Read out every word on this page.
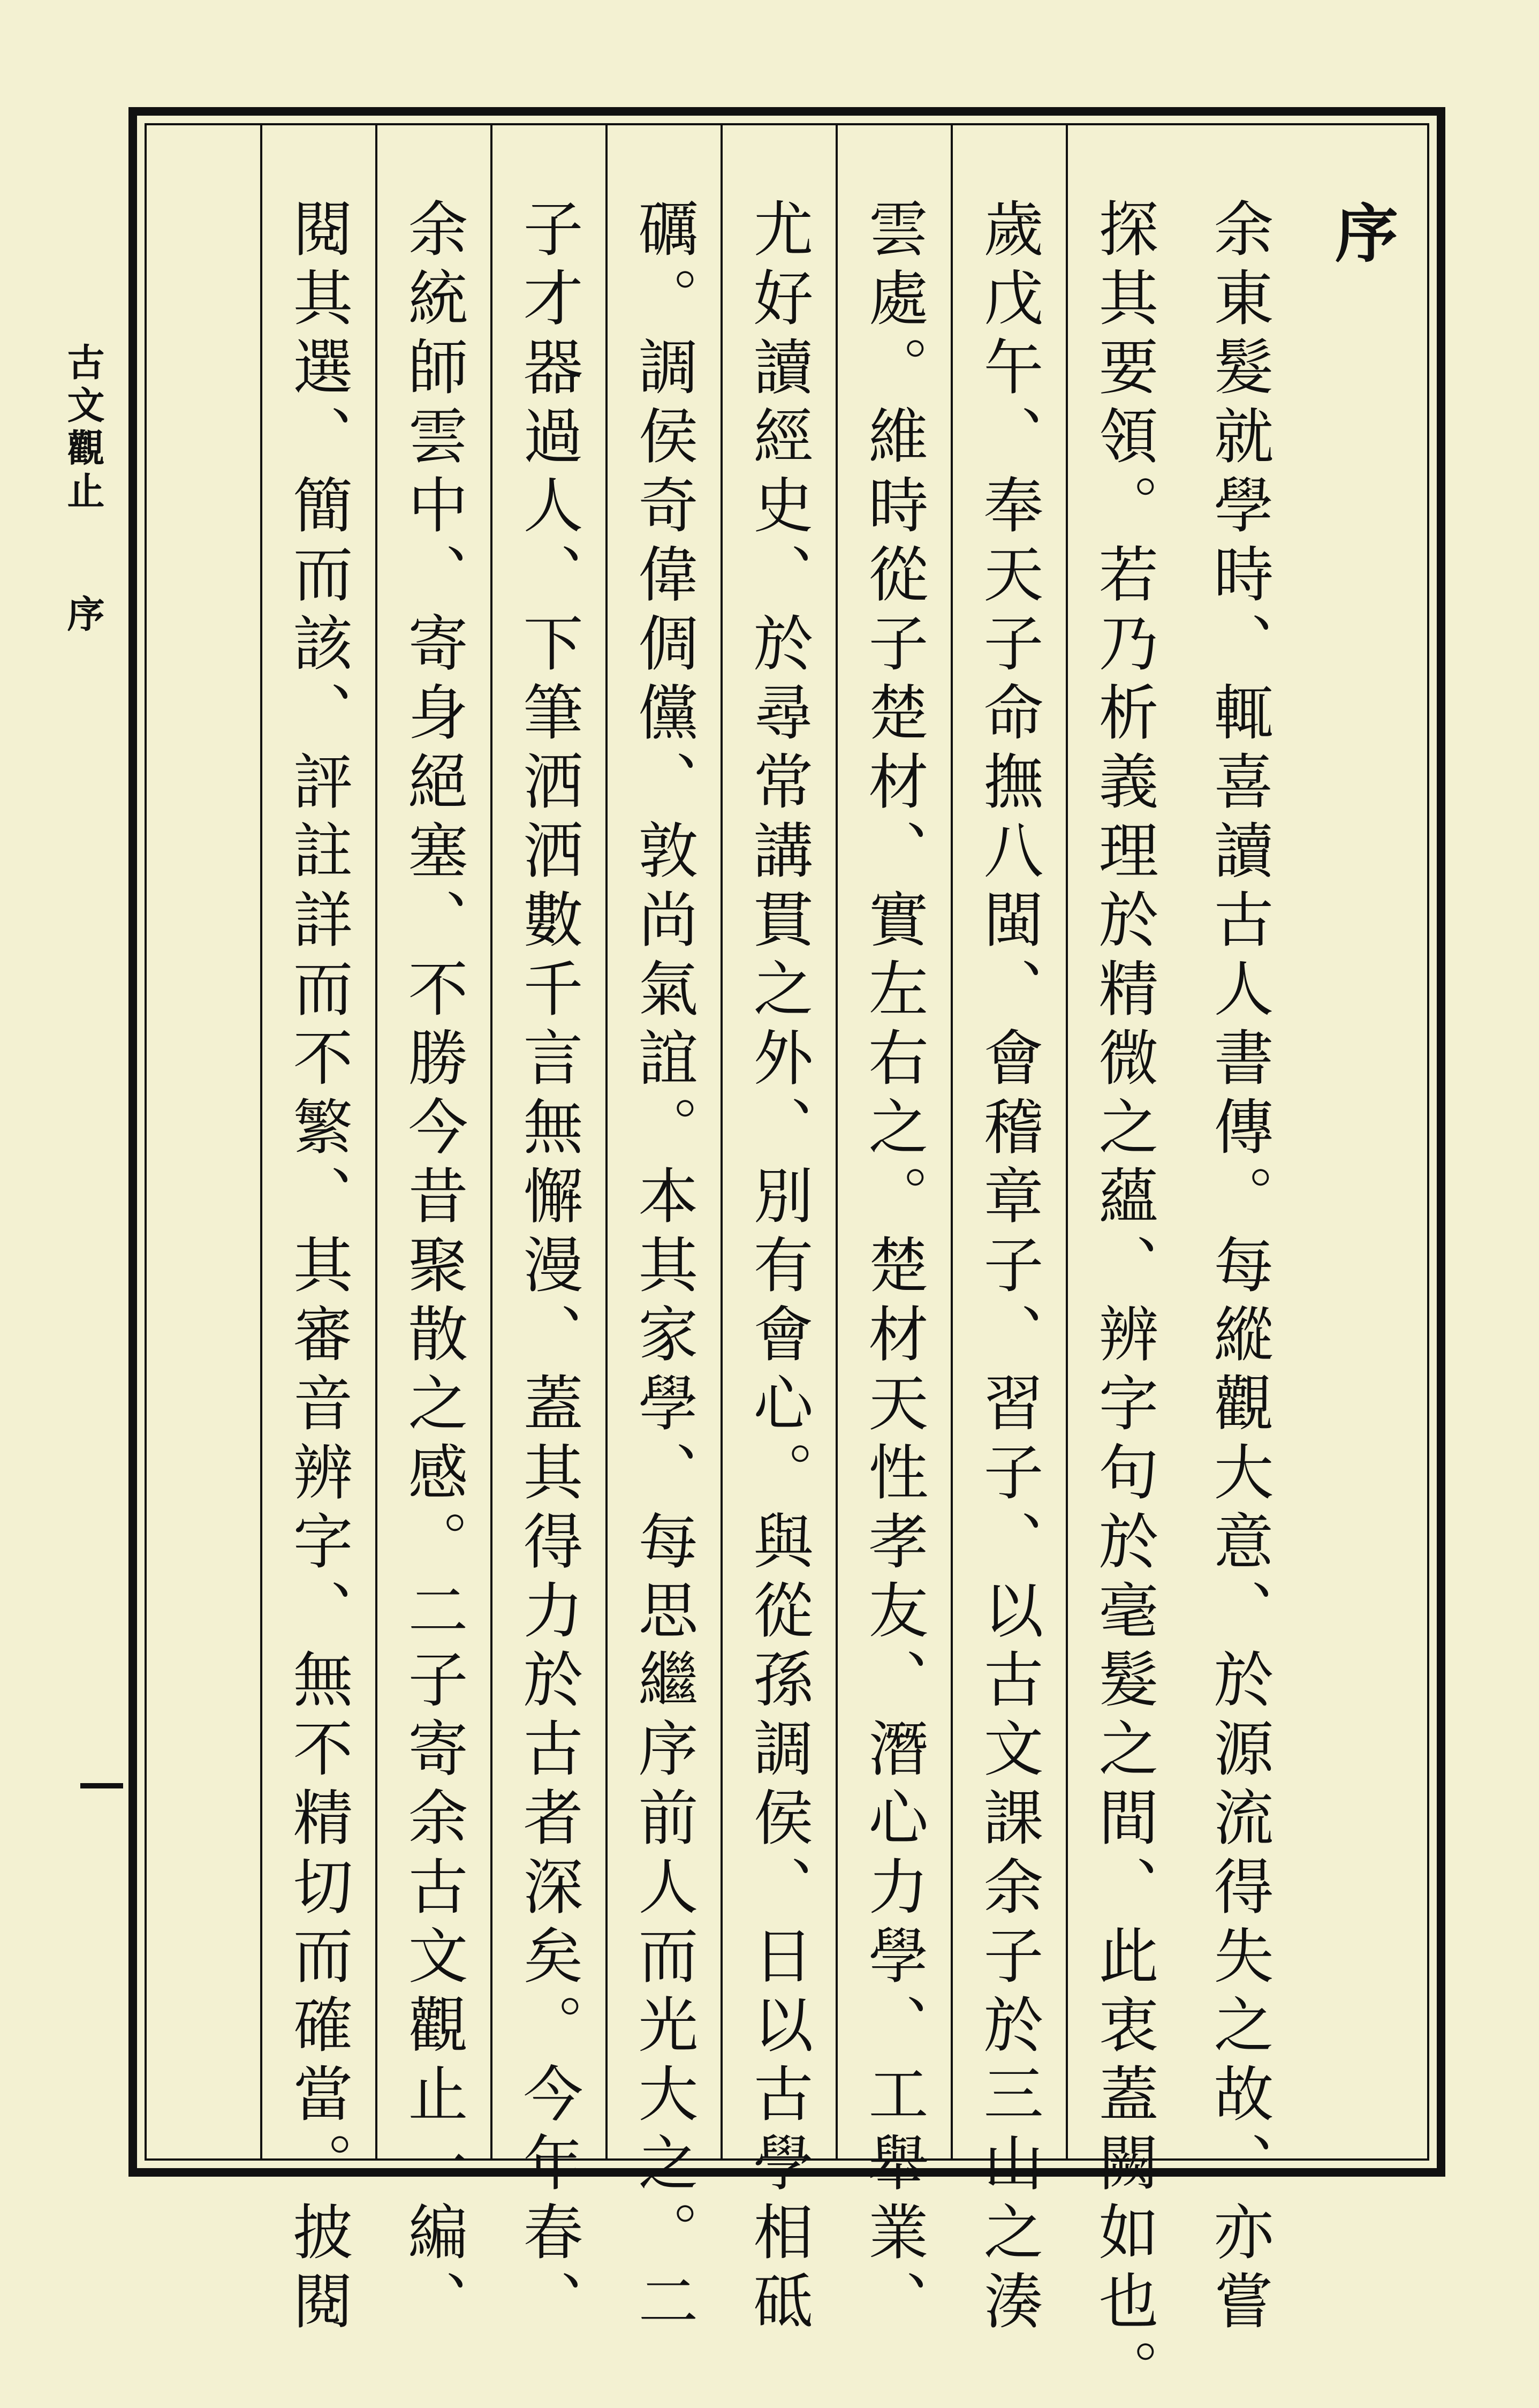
古文觀止序
序
余東髮就學時、輒喜讀古人書傳。每縱觀大意、於源流得失之故、亦嘗
探其要領。若乃析義理於精微之蘊、辨字句於毫髮之間、此衷蓋闕如也。
歲戊午、奉天子命撫八閩、會稽章子、習子、以古文課余子於三山之湊
雲處。維時從子楚材、實左右之。楚材天性孝友、潛心力學、工舉業、
尤好讀經史、於尋常講貫之外、別有會心。與從孫調侯、日以古學相砥
礪。調侯奇偉倜儻、敦尚氣誼。本其家學、每思繼序前人而光大之。二
子才器過人、下筆洒洒數千言無懈漫、蓋其得力於古者深矣。今年春、
余統師雲中、寄身絕塞、不勝今昔聚散之感。二子寄余古文觀止一編、
閱其選、簡而該、評註詳而不繁、其審音辨字、無不精切而確當。披閱
